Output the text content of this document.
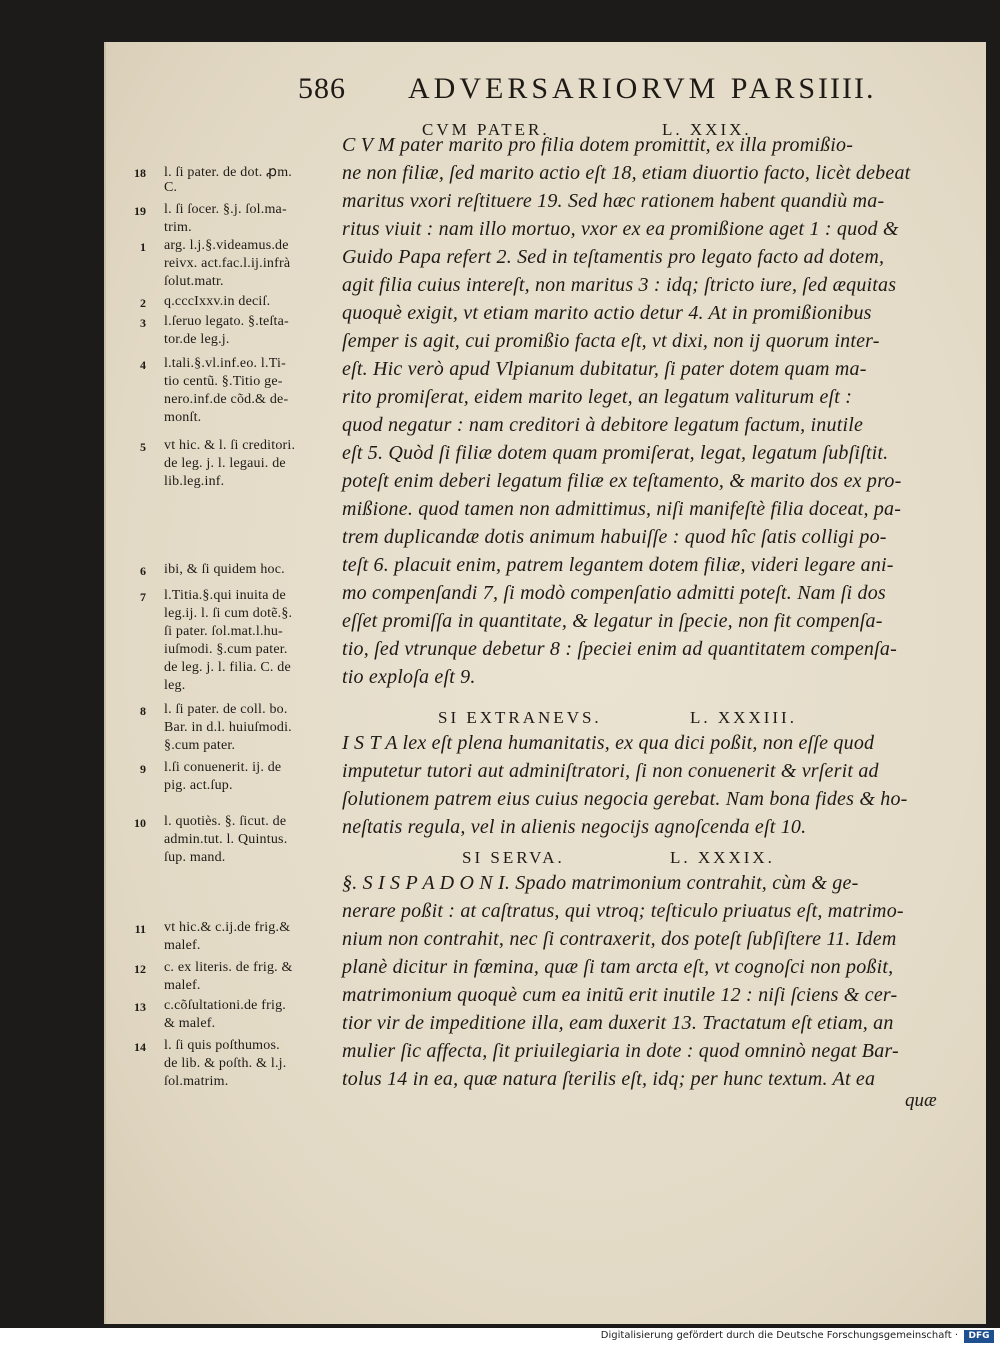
586 ADVERSARIORVM PARS
IIII.
CVM PATER.	L. XXIX.
SI EXTRANEVS.	L. XXXIII.
SI SERVA.	L. XXXIX.
C V M pater marito pro filia dotem promittit, ex illa promißio-
ne non filiæ, ſed marito actio eſt 18, etiam diuortio facto, licèt debeat
maritus vxori reſtituere 19. Sed hæc rationem habent quandiù ma-
ritus viuit : nam illo mortuo, vxor ex ea promißione aget 1 : quod &
Guido Papa refert 2. Sed in teſtamentis pro legato facto ad dotem,
agit filia cuius intereſt, non maritus 3 : idq; ſtricto iure, ſed æquitas
quoquè exigit, vt etiam marito actio detur 4. At in promißionibus
ſemper is agit, cui promißio facta eſt, vt dixi, non ij quorum inter-
eſt. Hic verò apud Vlpianum dubitatur, ſi pater dotem quam ma-
rito promiſerat, eidem marito leget, an legatum valiturum eſt :
quod negatur : nam creditori à debitore legatum factum, inutile
eſt 5. Quòd ſi filiæ dotem quam promiſerat, legat, legatum ſubſiſtit.
poteſt enim deberi legatum filiæ ex teſtamento, & marito dos ex pro-
mißione. quod tamen non admittimus, niſi manifeſtè filia doceat, pa-
trem duplicandæ dotis animum habuiſſe : quod hîc ſatis colligi po-
teſt 6. placuit enim, patrem legantem dotem filiæ, videri legare ani-
mo compenſandi 7, ſi modò compenſatio admitti poteſt. Nam ſi dos
eſſet promiſſa in quantitate, & legatur in ſpecie, non fit compenſa-
tio, ſed vtrunque debetur 8 : ſpeciei enim ad quantitatem compenſa-
tio exploſa eſt 9.
I S T A lex eſt plena humanitatis, ex qua dici poßit, non eſſe quod
imputetur tutori aut adminiſtratori, ſi non conuenerit & vrſerit ad
ſolutionem patrem eius cuius negocia gerebat. Nam bona fides & ho-
neſtatis regula, vel in alienis negocijs agnoſcenda eſt 10.
§. S I S P A D O N I. Spado matrimonium contrahit, cùm & ge-
nerare poßit : at caſtratus, qui vtroq; teſticulo priuatus eſt, matrimo-
nium non contrahit, nec ſi contraxerit, dos poteſt ſubſiſtere 11. Idem
planè dicitur in fœmina, quæ ſi tam arcta eſt, vt cognoſci non poßit,
matrimonium quoquè cum ea initũ erit inutile 12 : niſi ſciens & cer-
tior vir de impeditione illa, eam duxerit 13. Tractatum eſt etiam, an
mulier ſic affecta, ſit priuilegiaria in dote : quod omninò negat Bar-
tolus 14 in ea, quæ natura ſterilis eſt, idq; per hunc textum. At ea
quæ
18 l. ſi pater. de dot. ꝓm.
C.
19 l. ſi ſocer. §.j. ſol.ma-
trim.
1 arg. l.j.§.videamus.de
reivx. act.fac.l.ij.infrà
ſolut.matr.
2 q.cccIxxv.in deciſ.
3 l.ſeruo legato. §.teſta-
tor.de leg.j.
4 l.tali.§.vl.inf.eo. l.Ti-
tio centũ. §.Titio ge-
nero.inf.de cõd.& de-
monſt.
5 vt hic. & l. ſi creditori.
de leg. j. l. legaui. de
lib.leg.inf.
6 ibi, & ſi quidem hoc.
7 l.Titia.§.qui inuita de
leg.ij. l. ſi cum dotẽ.§.
ſi pater. ſol.mat.l.hu-
iuſmodi. §.cum pater.
de leg. j. l. filia. C. de
leg.
8 l. ſi pater. de coll. bo.
Bar. in d.l. huiuſmodi.
§.cum pater.
9 l.ſi conuenerit. ij. de
pig. act.ſup.
10 l. quotiès. §. ſicut. de
admin.tut. l. Quintus.
ſup. mand.
11 vt hic.& c.ij.de frig.&
malef.
12 c. ex literis. de frig. &
malef.
13 c.cõſultationi.de frig.
& malef.
14 l. ſi quis poſthumos.
de lib. & poſth. & l.j.
ſol.matrim.
Digitalisierung gefördert durch die Deutsche Forschungsgemeinschaft ·	DFG
